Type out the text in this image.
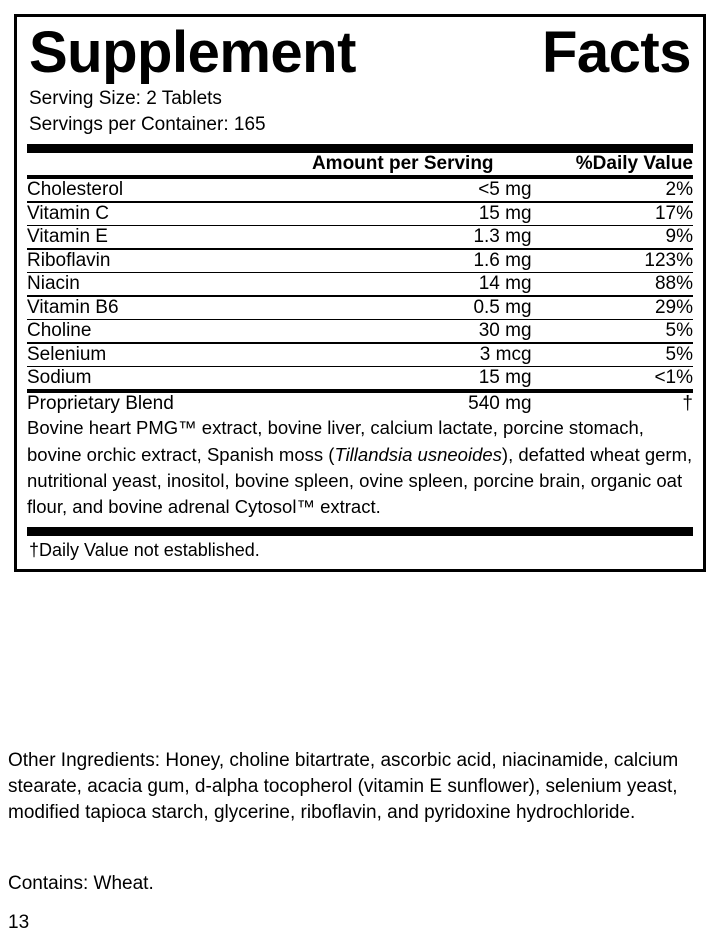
Supplement	Facts
Serving Size: 2 Tablets
Servings per Container: 165
	Amount per Serving	%Daily Value

Cholesterol	<5 mg	2%

Vitamin C	15 mg	17%

Vitamin E	1.3 mg	9%

Riboflavin	1.6 mg	123%

Niacin	14 mg	88%

Vitamin B6	0.5 mg	29%

Choline	30 mg	5%

Selenium	3 mcg	5%

Sodium	15 mg	<1%

Proprietary Blend	540 mg	†
Bovine heart PMG™ extract, bovine liver, calcium lactate, porcine stomach, bovine orchic extract, Spanish moss (Tillandsia usneoides), defatted wheat germ, nutritional yeast, inositol, bovine spleen, ovine spleen, porcine brain, organic oat flour, and bovine adrenal Cytosol™ extract.		
†Daily Value not established.
Other Ingredients: Honey, choline bitartrate, ascorbic acid, niacinamide, calcium stearate, acacia gum, d-alpha tocopherol (vitamin E sunflower), selenium yeast, modified tapioca starch, glycerine, riboflavin, and pyridoxine hydrochloride.
Contains: Wheat.
13
